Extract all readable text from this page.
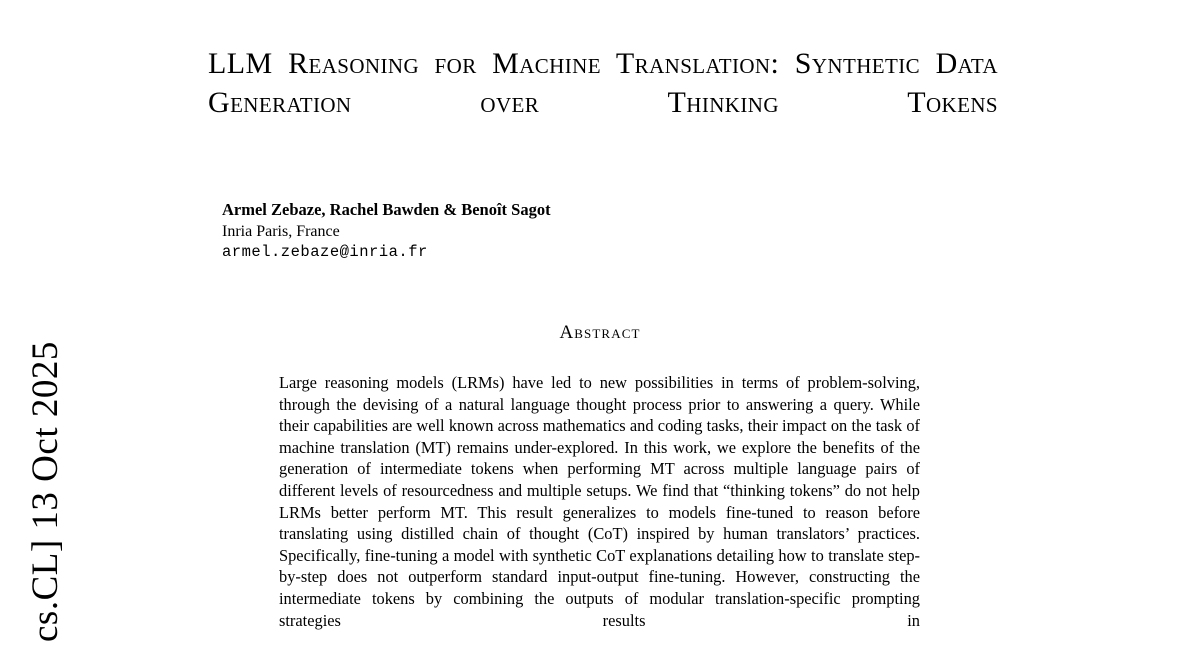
cs.CL] 13 Oct 2025
LLM Reasoning for Machine Translation: Synthetic Data Generation over Thinking Tokens

Armel Zebaze, Rachel Bawden & Benoît Sagot

Inria Paris, France

armel.zebaze@inria.fr

Abstract

Large reasoning models (LRMs) have led to new possibilities in terms of problem-solving, through the devising of a natural language thought process prior to answering a query. While their capabilities are well known across mathematics and coding tasks, their impact on the task of machine translation (MT) remains under-explored. In this work, we explore the benefits of the generation of intermediate tokens when performing MT across multiple language pairs of different levels of resourcedness and multiple setups. We find that “thinking tokens” do not help LRMs better perform MT. This result generalizes to models fine-tuned to reason before translating using distilled chain of thought (CoT) inspired by human translators’ practices. Specifically, fine-tuning a model with synthetic CoT explanations detailing how to translate step-by-step does not outperform standard input-output fine-tuning. However, constructing the intermediate tokens by combining the outputs of modular translation-specific prompting strategies results in
